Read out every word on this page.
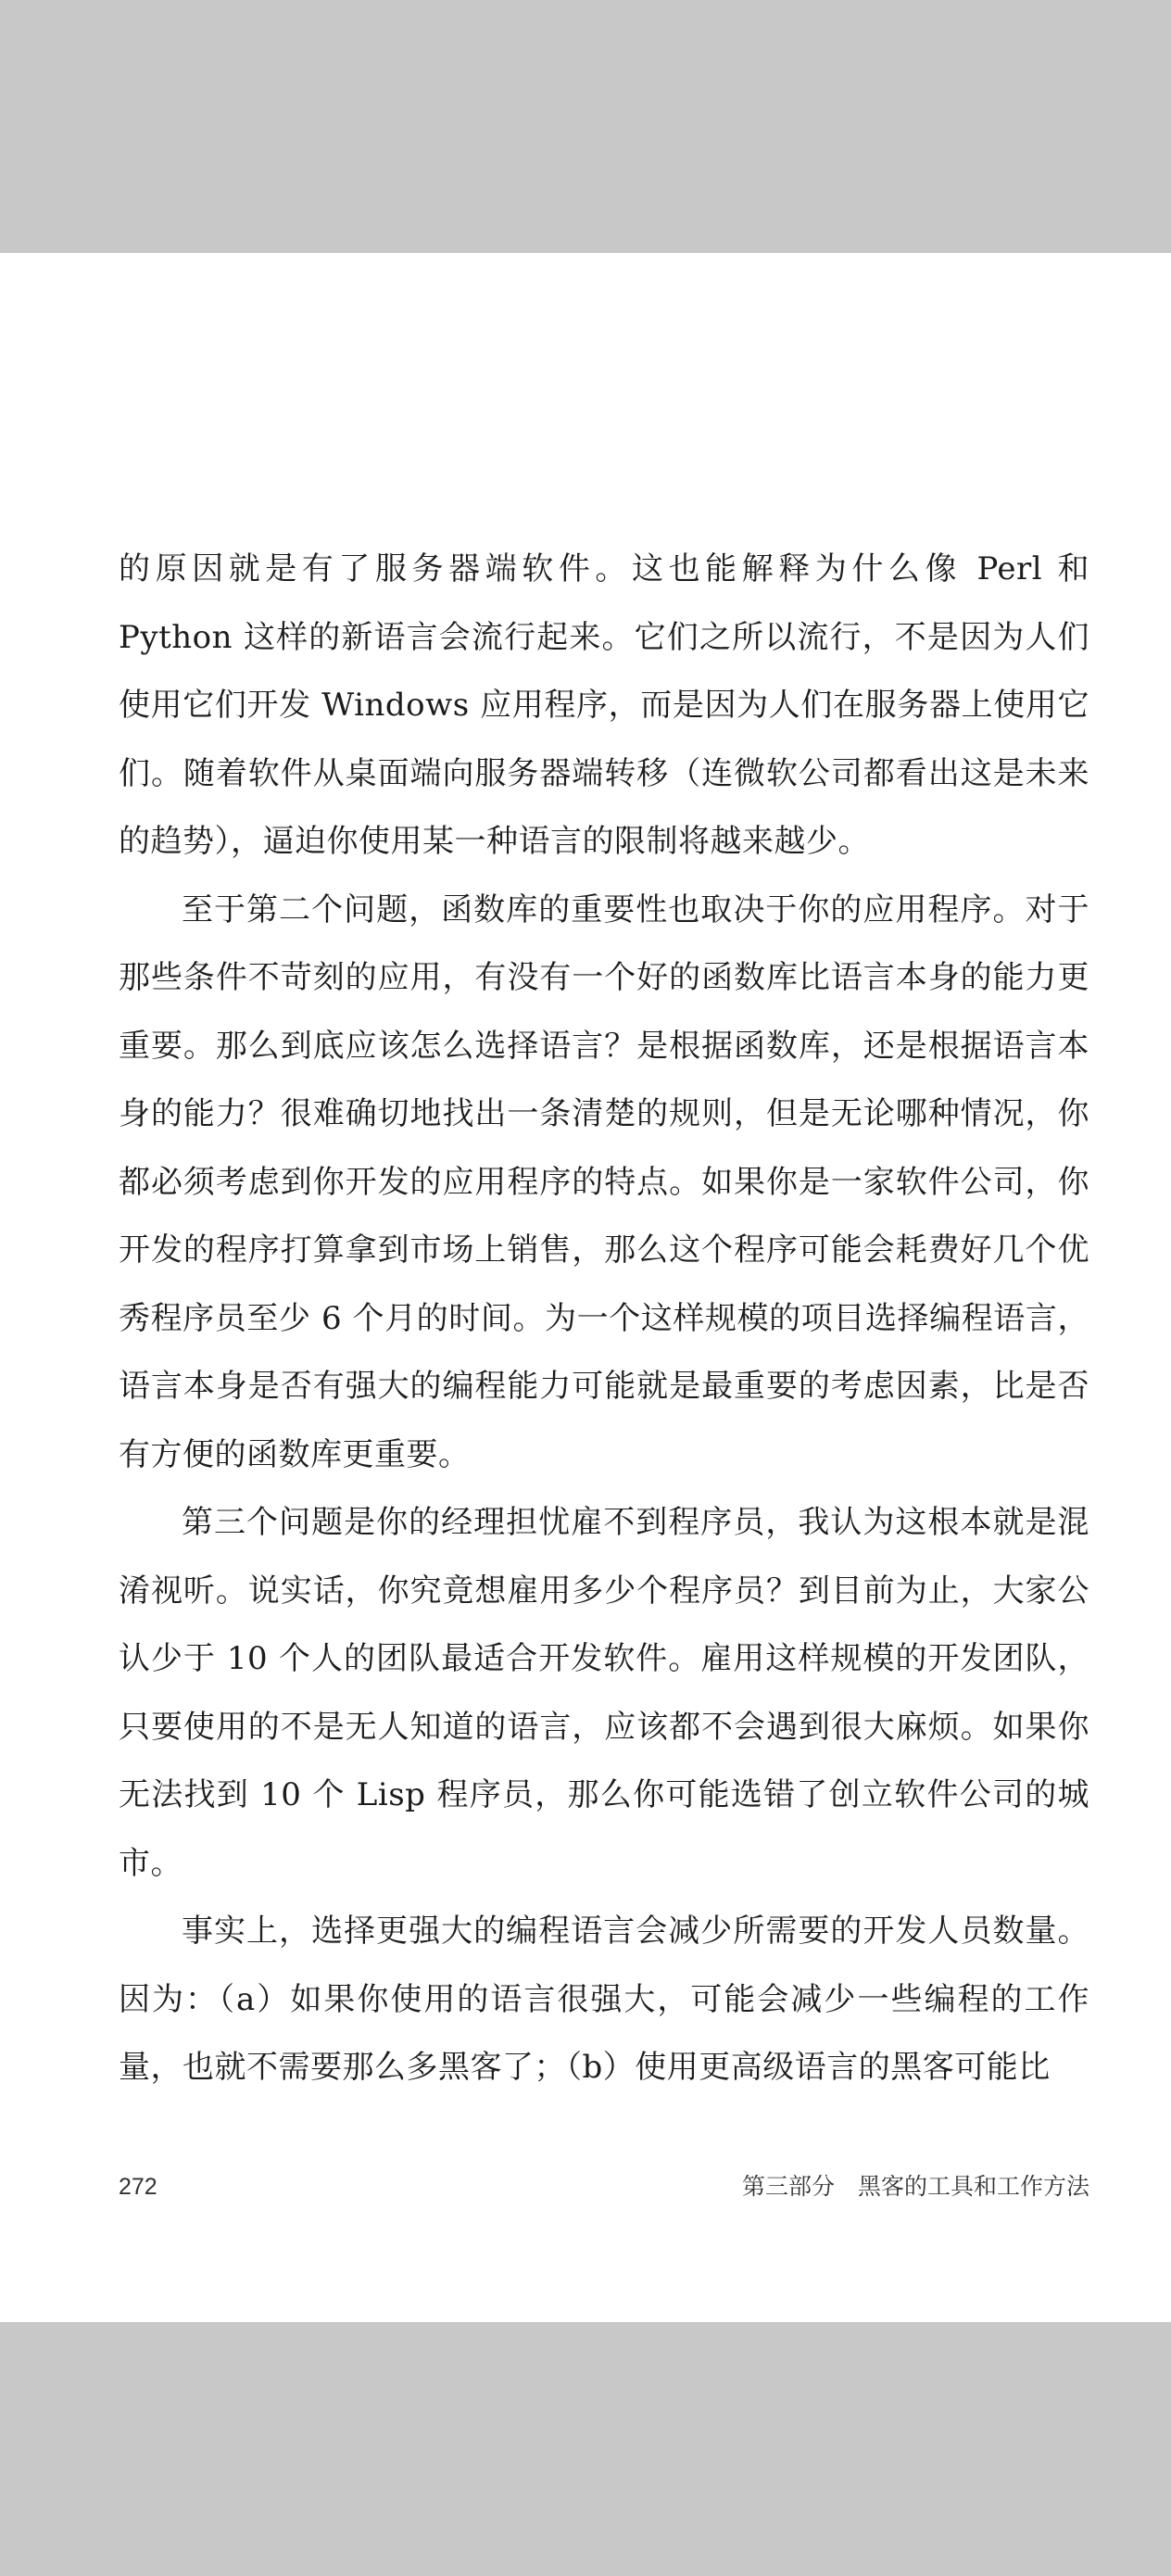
的原因就是有了服务器端软件。这也能解释为什么像 Perl 和 Python 这样的新语言会流行起来。它们之所以流行，不是因为人们使用它们开发 Windows 应用程序，而是因为人们在服务器上使用它们。随着软件从桌面端向服务器端转移（连微软公司都看出这是未来的趋势），逼迫你使用某一种语言的限制将越来越少。

至于第二个问题，函数库的重要性也取决于你的应用程序。对于那些条件不苛刻的应用，有没有一个好的函数库比语言本身的能力更重要。那么到底应该怎么选择语言？是根据函数库，还是根据语言本身的能力？很难确切地找出一条清楚的规则，但是无论哪种情况，你都必须考虑到你开发的应用程序的特点。如果你是一家软件公司，你开发的程序打算拿到市场上销售，那么这个程序可能会耗费好几个优秀程序员至少 6 个月的时间。为一个这样规模的项目选择编程语言，语言本身是否有强大的编程能力可能就是最重要的考虑因素，比是否有方便的函数库更重要。

第三个问题是你的经理担忧雇不到程序员，我认为这根本就是混淆视听。说实话，你究竟想雇用多少个程序员？到目前为止，大家公认少于 10 个人的团队最适合开发软件。雇用这样规模的开发团队，只要使用的不是无人知道的语言，应该都不会遇到很大麻烦。如果你无法找到 10 个 Lisp 程序员，那么你可能选错了创立软件公司的城市。

事实上，选择更强大的编程语言会减少所需要的开发人员数量。因为：（a）如果你使用的语言很强大，可能会减少一些编程的工作量，也就不需要那么多黑客了；（b）使用更高级语言的黑客可能比

272	第三部分　黑客的工具和工作方法
